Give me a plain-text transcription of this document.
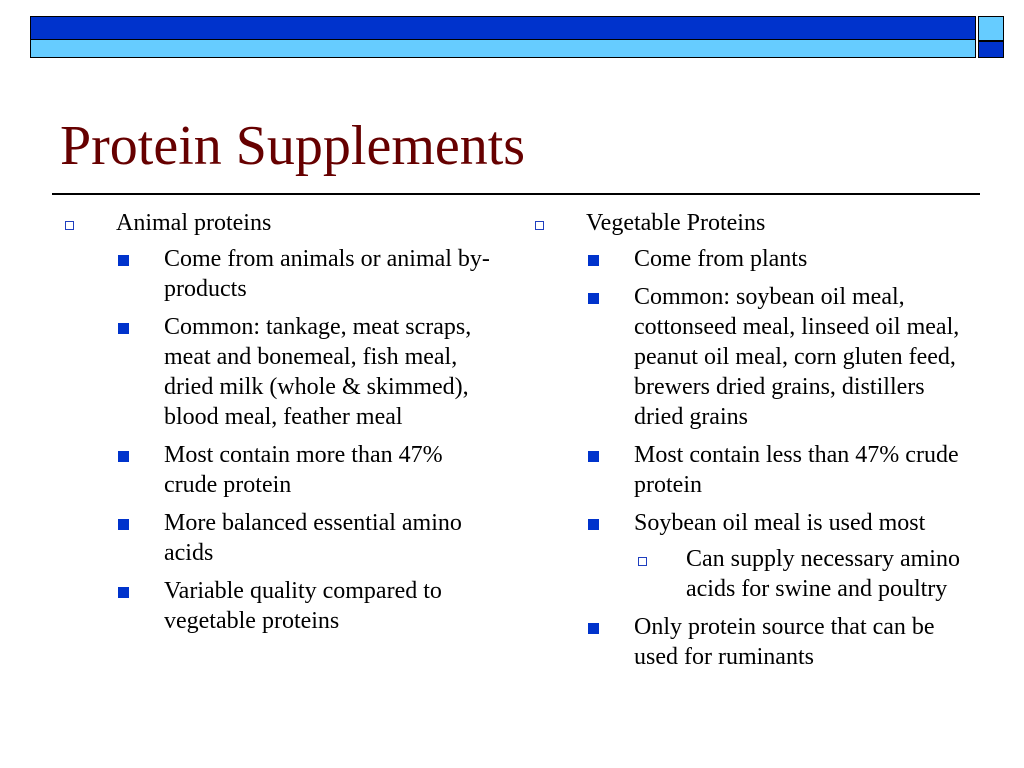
Protein Supplements
Animal proteins
Come from animals or animal by-products
Common: tankage, meat scraps, meat and bonemeal, fish meal, dried milk (whole & skimmed), blood meal, feather meal
Most contain more than 47% crude protein
More balanced essential amino acids
Variable quality compared to vegetable proteins
Vegetable Proteins
Come from plants
Common: soybean oil meal, cottonseed meal, linseed oil meal, peanut oil meal, corn gluten feed, brewers dried grains, distillers dried grains
Most contain less than 47% crude protein
Soybean oil meal is used most
Can supply necessary amino acids for swine and poultry
Only protein source that can be used for ruminants
